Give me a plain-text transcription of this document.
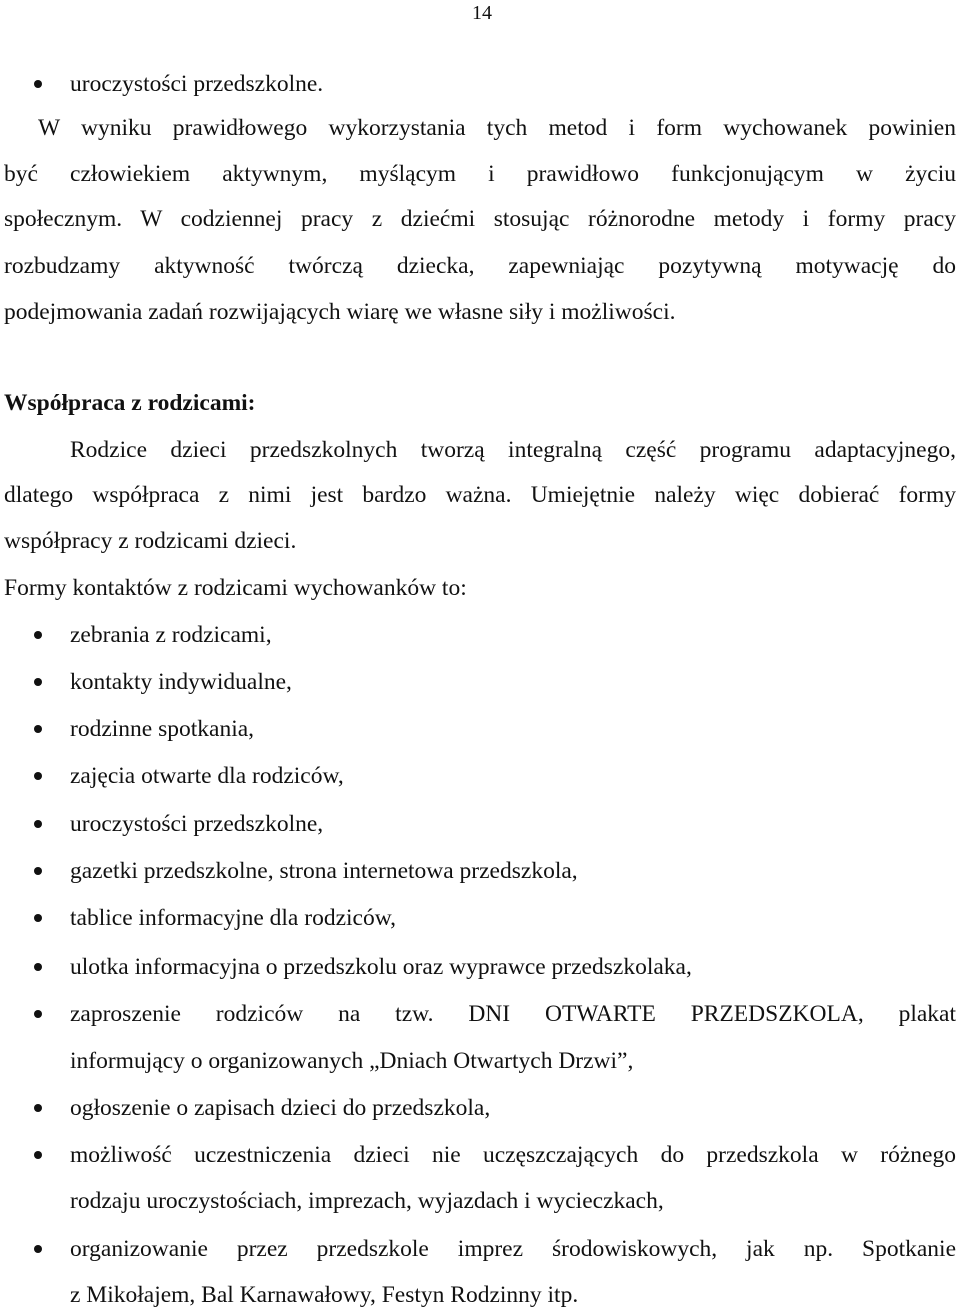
14
uroczystości przedszkolne.
W wyniku prawidłowego wykorzystania tych metod i form wychowanek powinien
być człowiekiem aktywnym, myślącym i prawidłowo funkcjonującym w życiu
społecznym. W codziennej pracy z dziećmi stosując różnorodne metody i formy pracy
rozbudzamy aktywność twórczą dziecka, zapewniając pozytywną motywację do
podejmowania zadań rozwijających wiarę we własne siły i możliwości.
Współpraca z rodzicami:
Rodzice dzieci przedszkolnych tworzą integralną część programu adaptacyjnego,
dlatego współpraca z nimi jest bardzo ważna. Umiejętnie należy więc dobierać formy
współpracy z rodzicami dzieci.
Formy kontaktów z rodzicami wychowanków to:
zebrania z rodzicami,
kontakty indywidualne,
rodzinne spotkania,
zajęcia otwarte dla rodziców,
uroczystości przedszkolne,
gazetki przedszkolne, strona internetowa przedszkola,
tablice informacyjne dla rodziców,
ulotka informacyjna o przedszkolu oraz wyprawce przedszkolaka,
zaproszenie rodziców na tzw. DNI OTWARTE PRZEDSZKOLA, plakat
informujący o organizowanych „Dniach Otwartych Drzwi”,
ogłoszenie o zapisach dzieci do przedszkola,
możliwość uczestniczenia dzieci nie uczęszczających do przedszkola w różnego
rodzaju uroczystościach, imprezach, wyjazdach i wycieczkach,
organizowanie przez przedszkole imprez środowiskowych, jak np. Spotkanie
z Mikołajem, Bal Karnawałowy, Festyn Rodzinny itp.
